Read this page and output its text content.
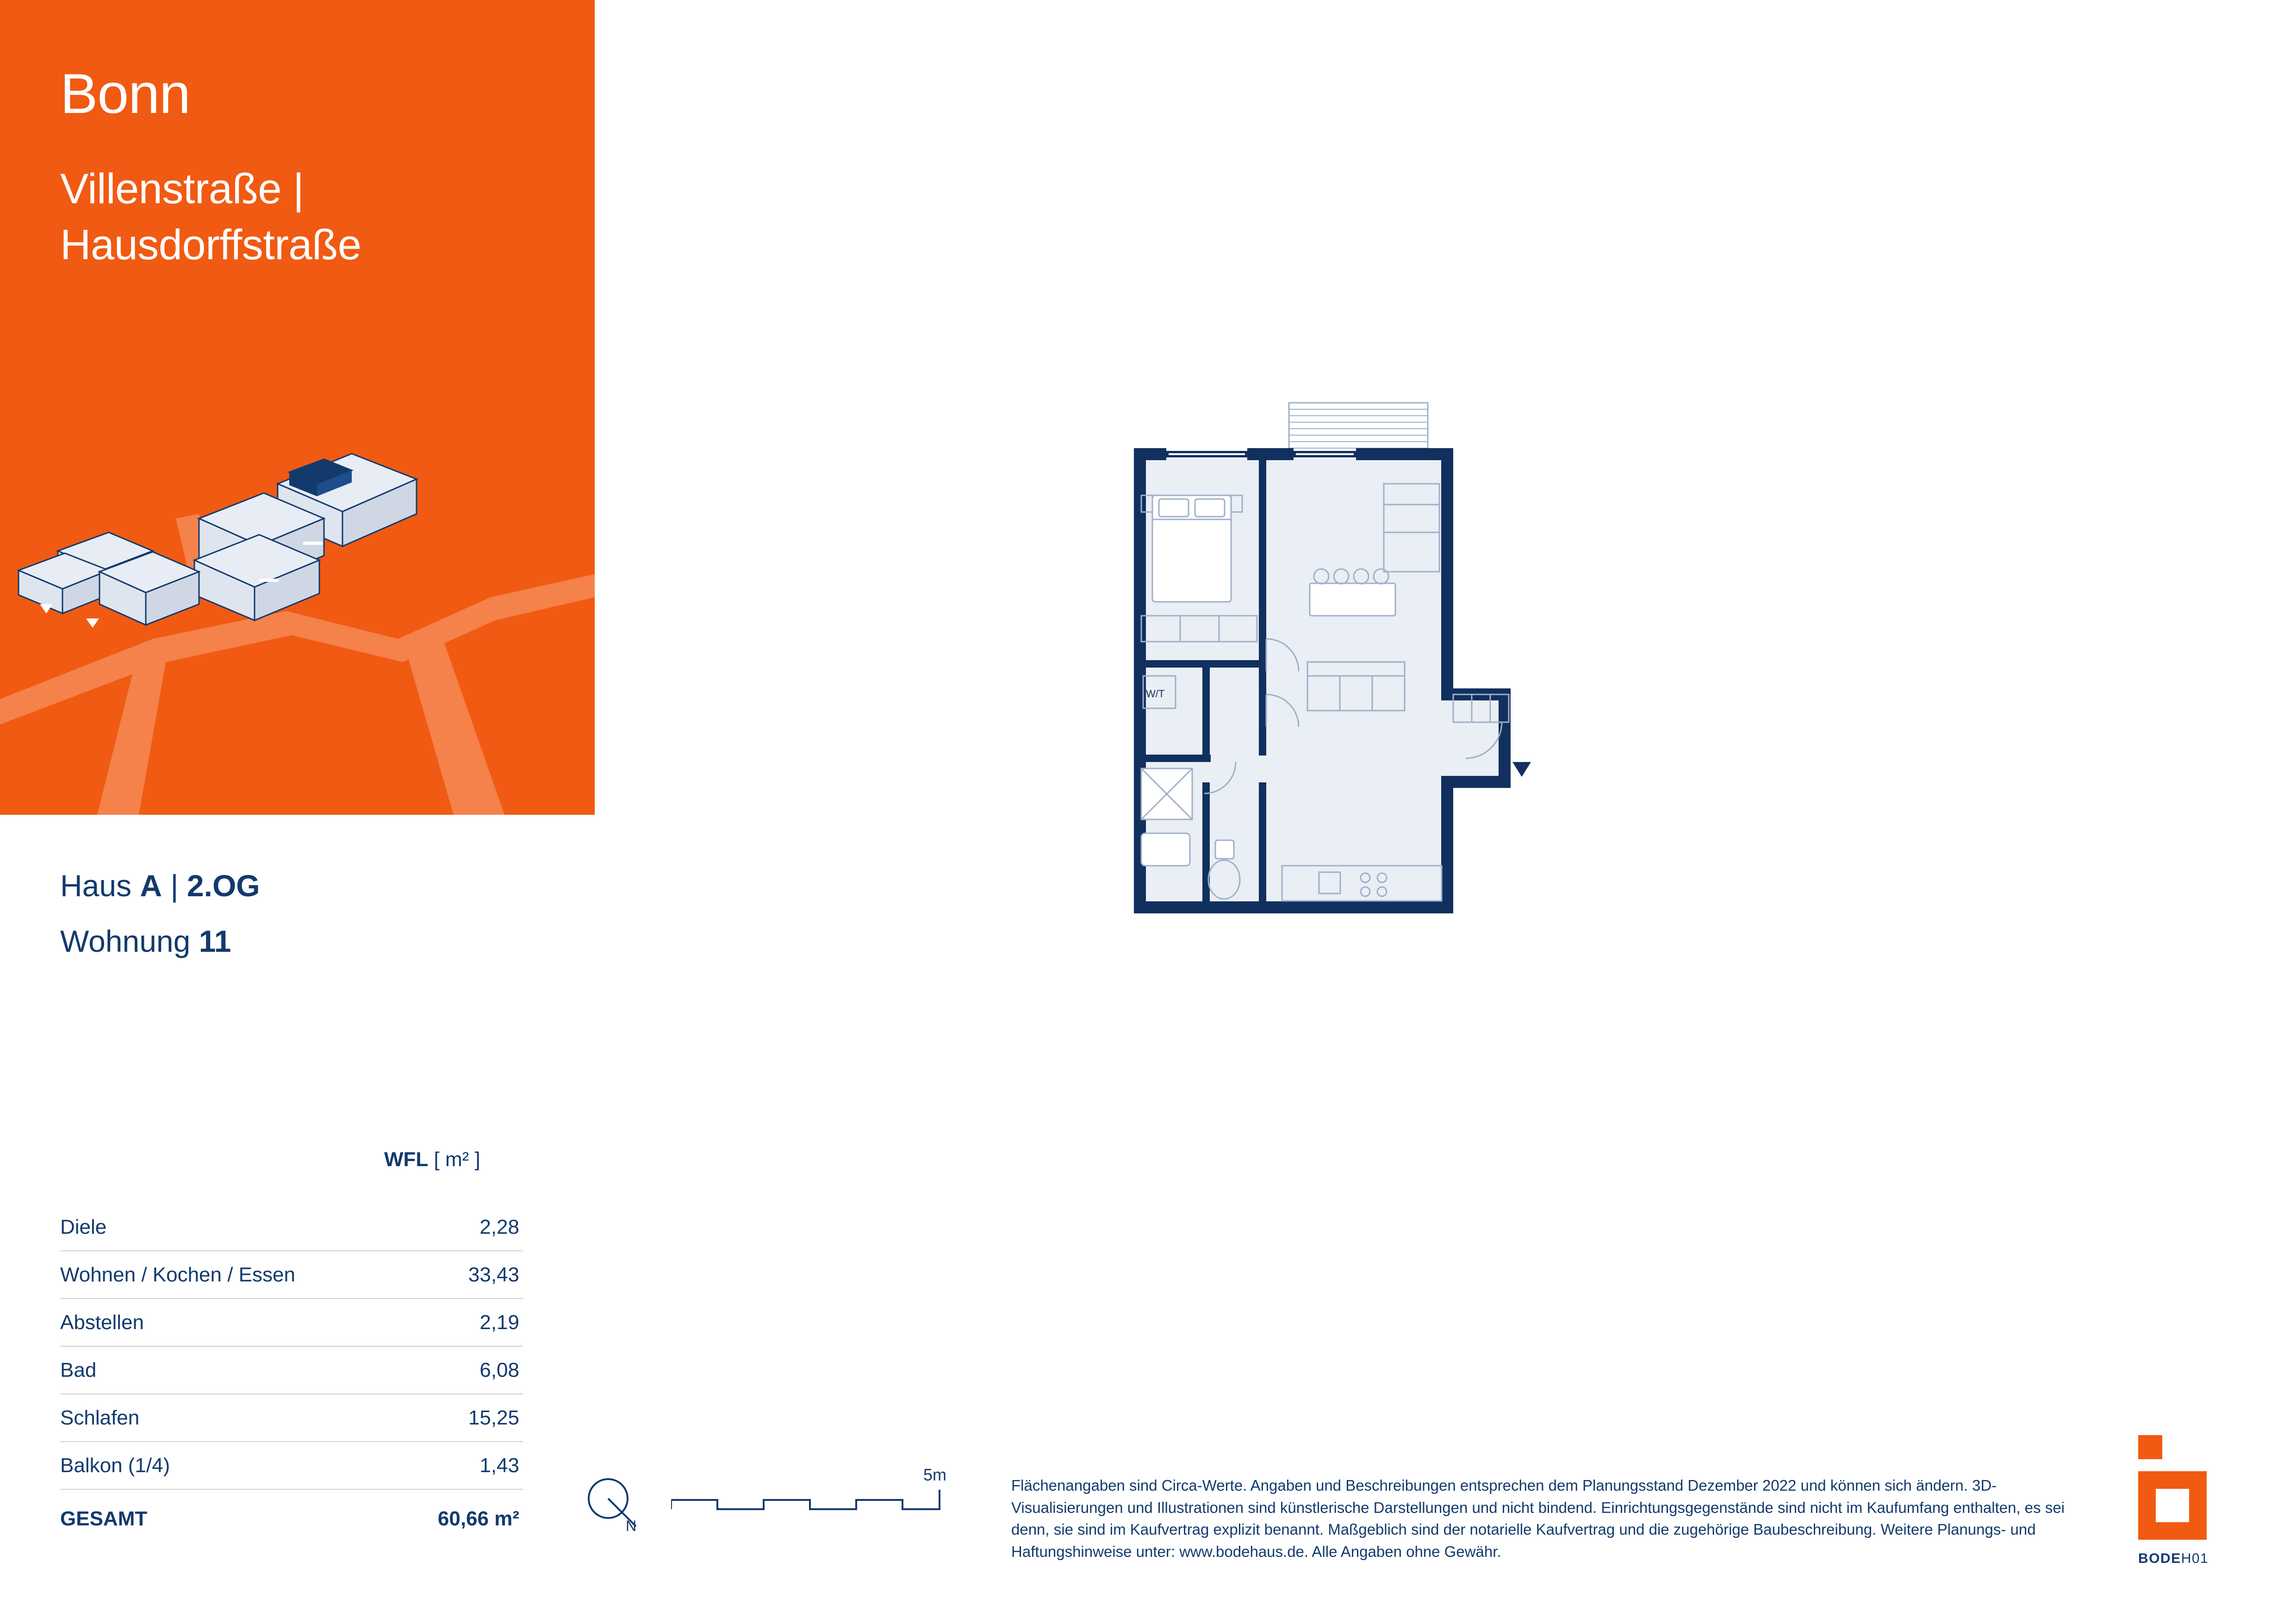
Bonn
Villenstraße |
Hausdorffstraße
Haus A | 2.OG
Wohnung 11
WFL [ m² ]
Diele	2,28
Wohnen / Kochen / Essen	33,43
Abstellen	2,19
Bad	6,08
Schlafen	15,25
Balkon (1/4)	1,43
GESAMT	60,66 m²	N
5m
Flächenangaben sind Circa-Werte. Angaben und Beschreibungen entsprechen dem Planungsstand Dezember 2022 und können sich ändern. 3D-Visualisierungen und Illustrationen sind künstlerische Darstellungen und nicht bindend. Einrichtungsgegenstände sind nicht im Kaufumfang enthalten, es sei denn, sie sind im Kaufvertrag explizit benannt. Maßgeblich sind der notarielle Kaufvertrag und die zugehörige Baubeschreibung. Weitere Planungs- und Haftungshinweise unter: www.bodehaus.de. Alle Angaben ohne Gewähr.	BODEH01
W/T
